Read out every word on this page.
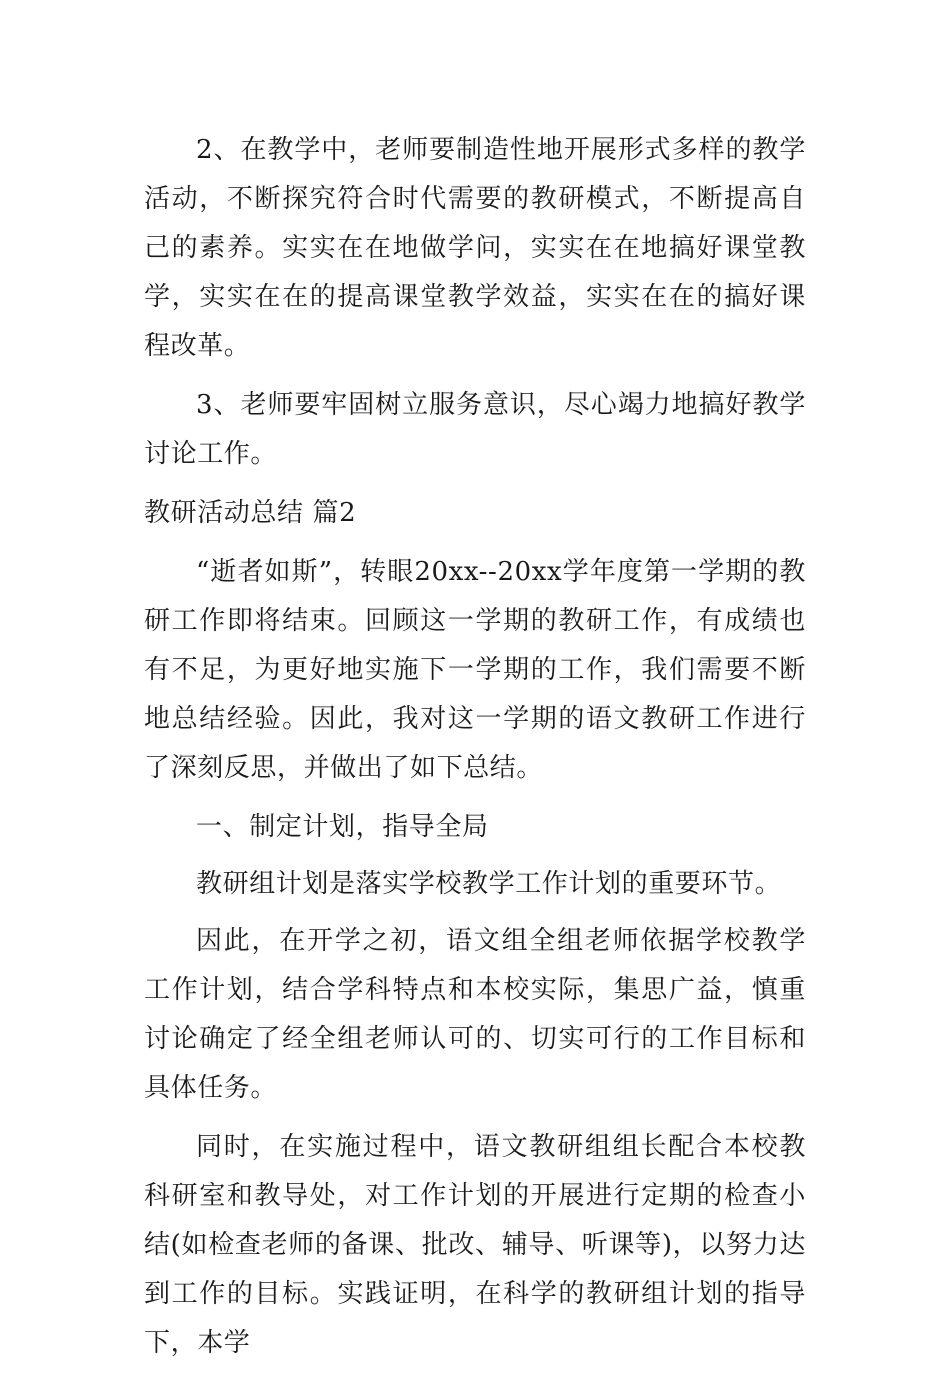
2、在教学中，老师要制造性地开展形式多样的教学活动，不断探究符合时代需要的教研模式，不断提高自己的素养。实实在在地做学问，实实在在地搞好课堂教学，实实在在的提高课堂教学效益，实实在在的搞好课程改革。

3、老师要牢固树立服务意识，尽心竭力地搞好教学讨论工作。

教研活动总结 篇2

“逝者如斯”，转眼20xx--20xx学年度第一学期的教研工作即将结束。回顾这一学期的教研工作，有成绩也有不足，为更好地实施下一学期的工作，我们需要不断地总结经验。因此，我对这一学期的语文教研工作进行了深刻反思，并做出了如下总结。

一、制定计划，指导全局

教研组计划是落实学校教学工作计划的重要环节。

因此，在开学之初，语文组全组老师依据学校教学工作计划，结合学科特点和本校实际，集思广益，慎重讨论确定了经全组老师认可的、切实可行的工作目标和具体任务。

同时，在实施过程中，语文教研组组长配合本校教科研室和教导处，对工作计划的开展进行定期的检查小结(如检查老师的备课、批改、辅导、听课等)，以努力达到工作的目标。实践证明，在科学的教研组计划的指导下，本学
